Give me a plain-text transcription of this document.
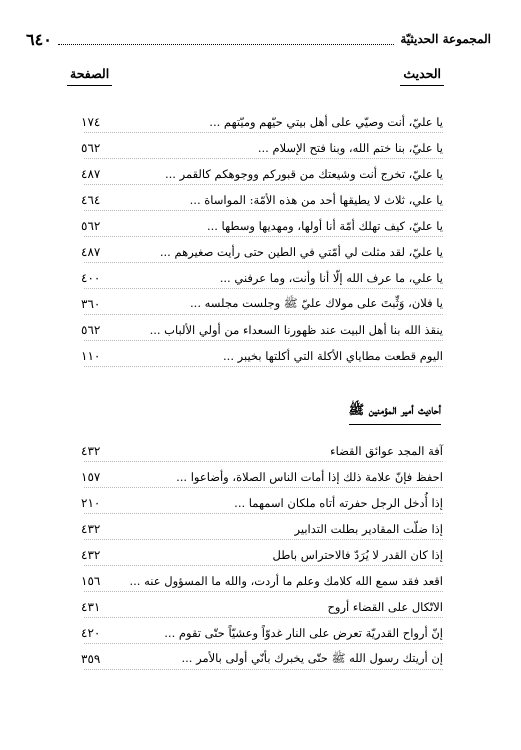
المجموعة الحديثيّة
٦٤٠
الحديث
الصفحة
يا عليّ، أنت وصيّي على أهل بيتي حيّهم وميّتهم ...
١٧٤
يا عليّ، بنا ختم الله، وبنا فتح الإسلام ...
٥٦٢
يا عليّ، تخرج أنت وشيعتك من قبوركم ووجوهكم كالقمر ...
٤٨٧
يا علي، ثلاث لا يطيقها أحد من هذه الأمّة: المواساة ...
٤٦٤
يا عليّ، كيف تهلك أمّة أنا أولها، ومهديها وسطها ...
٥٦٢
يا عليّ، لقد مثلت لي أمّتي في الطين حتى رأيت صغيرهم ...
٤٨٧
يا علي، ما عرف الله إلّا أنا وأنت، وما عرفني ...
٤٠٠
يا فلان، وَثِّبتَ على مولاك عليّ ﷺ وجلست مجلسه ...
٣٦٠
ينقذ الله بنا أهل البيت عند ظهورنا السعداء من أولي الألباب ...
٥٦٢
اليوم قطعت مطاياي الأكلة التي أكلتها بخيبر ...
١١٠
أحاديث أمير المؤمنين ﷺ
آفة المجد عوائق القضاء
٤٣٢
احفظ فإنّ علامة ذلك إذا أمات الناس الصلاة، وأضاعوا ...
١٥٧
إذا أُدخل الرجل حفرته أتاه ملكان اسمهما ...
٢١٠
إذا ضلّت المقادير بطلت التدابير
٤٣٢
إذا كان القدر لا يُرَدّ فالاحتراس باطل
٤٣٢
اقعد فقد سمع الله كلامك وعلم ما أردت، والله ما المسؤول عنه ...
١٥٦
الاتّكال على القضاء أروح
٤٣١
إنّ أرواح القدريّة تعرض على النار غدوّاً وعشيّاً حتّى تقوم ...
٤٢٠
إن أريتك رسول الله ﷺ حتّى يخبرك بأنّي أولى بالأمر ...
٣٥٩
